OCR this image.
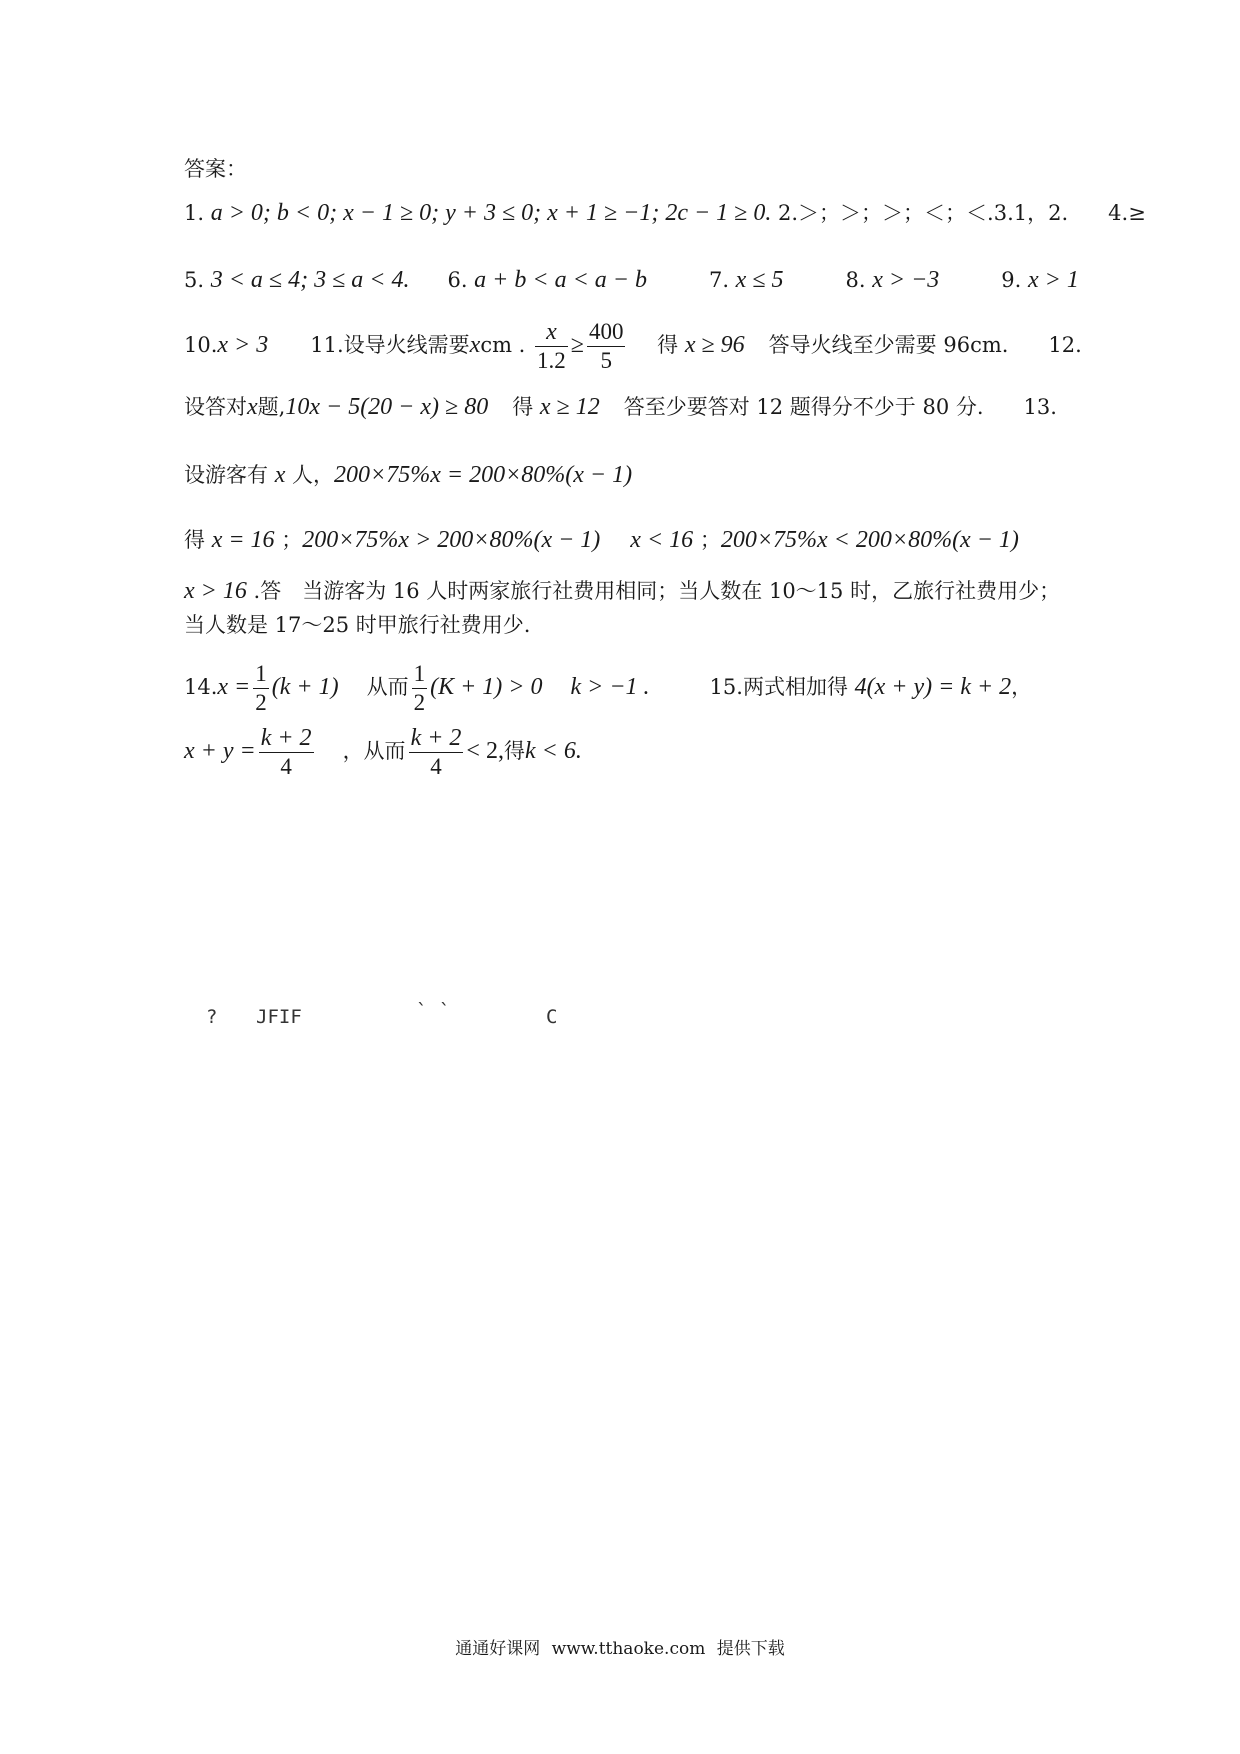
答案：
1. a > 0; b < 0; x − 1 ≥ 0; y + 3 ≤ 0; x + 1 ≥ −1; 2c − 1 ≥ 0. 2.＞；＞；＞；＜；＜.3.1，2. 4.≥
5. 3 < a ≤ 4; 3 ≤ a < 4. 6. a + b < a < a − b	7. x ≤ 5	8. x > −3	9. x > 1
10.x > 3 11.设导火线需要xcm . $\frac{x}{1.2} \ge \frac{400}{5}$ 得 x ≥ 96 答导火线至少需要 96cm. 12.
设答对x题,10x − 5(20 − x) ≥ 80 得 x ≥ 12 答至少要答对 12 题得分不少于 80 分. 13.
设游客有 x 人，200×75%x = 200×80%(x − 1)
得 x = 16 ；200×75%x > 200×80%(x − 1) x < 16 ；200×75%x < 200×80%(x − 1)
x > 16 .答　当游客为 16 人时两家旅行社费用相同；当人数在 10～15 时，乙旅行社费用少；
当人数是 17～25 时甲旅行社费用少.
$14.x = \frac{1}{2} (k + 1)$ 从而 $\frac{1}{2} (K + 1) > 0$ k > −1 .	15.两式相加得 4(x + y) = k + 2，
$x + y = \frac{k + 2}{4}$ ，从而 $\frac{k + 2}{4} < 2$,得k < 6.
? JFIF	` `	C
通通好课网 www.tthaoke.com 提供下载
